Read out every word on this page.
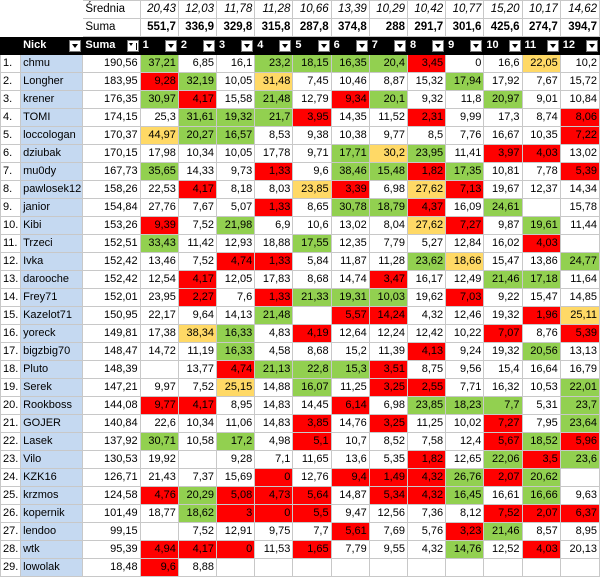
		Średnia	20,43	12,03	11,78	11,28	10,66	13,39	10,29	10,42	10,77	15,20	10,17	14,62
		Suma	551,7	336,9	329,8	315,8	287,8	374,8	288	291,7	301,6	425,6	274,7	394,7

	Nick	Suma	1	2	3	4	5	6	7	8	9	10	11	12

1.	chmu	190,56	37,21	6,85	16,1	23,2	18,15	16,35	20,4	3,45	0	16,6	22,05	10,2
2.	Longher	183,95	9,28	32,19	10,05	31,48	7,45	10,46	8,87	15,32	17,94	17,92	7,67	15,72
3.	krener	176,35	30,97	4,17	15,58	21,48	12,79	9,34	20,1	9,32	11,8	20,97	9,01	10,84
4.	TOMI	174,15	25,3	31,61	19,32	21,7	3,95	14,35	11,52	2,31	9,99	17,3	8,74	8,06
5.	loccologan	170,37	44,97	20,27	16,57	8,53	9,38	10,38	9,77	8,5	7,76	16,67	10,35	7,22
6.	dziubak	170,15	17,98	10,34	10,05	17,78	9,71	17,71	30,2	23,95	11,41	3,97	4,03	13,02
7.	mu0dy	167,73	35,65	14,33	9,73	1,33	9,6	38,46	15,48	1,82	17,35	10,81	7,78	5,39
8.	pawlosek12	158,26	22,53	4,17	8,18	8,03	23,85	3,39	6,98	27,62	7,13	19,67	12,37	14,34
9.	janior	154,84	27,76	7,67	5,07	1,33	8,65	30,78	18,79	4,37	16,09	24,61		15,78
10.	Kibi	153,26	9,39	7,52	21,98	6,9	10,6	13,02	8,04	27,62	7,27	9,87	19,61	11,44
11.	Trzeci	152,51	33,43	11,42	12,93	18,88	17,55	12,35	7,79	5,27	12,84	16,02	4,03	
12.	Ivka	152,42	13,46	7,52	4,74	1,33	5,84	11,87	11,28	23,62	18,66	15,47	13,86	24,77
13.	darooche	152,42	12,54	4,17	12,05	17,83	8,68	14,74	3,47	16,17	12,49	21,46	17,18	11,64
14.	Frey71	152,01	23,95	2,27	7,6	1,33	21,33	19,31	10,03	19,62	7,03	9,22	15,47	14,85
15.	Kazelot71	150,95	22,17	9,64	14,13	21,48		5,57	14,24	4,32	12,46	19,32	1,96	25,11
16.	yoreck	149,81	17,38	38,34	16,33	4,83	4,19	12,64	12,24	12,42	10,22	7,07	8,76	5,39
17.	bigzbig70	148,47	14,72	11,19	16,33	4,58	8,68	15,2	11,39	4,13	9,24	19,32	20,56	13,13
18.	Pluto	148,39		13,77	4,74	21,13	22,8	15,3	3,51	8,75	9,56	15,4	16,64	16,79
19.	Serek	147,21	9,97	7,52	25,15	14,88	16,07	11,25	3,25	2,55	7,71	16,32	10,53	22,01
20.	Rookboss	144,08	9,77	4,17	8,95	14,83	14,45	6,14	6,98	23,85	18,23	7,7	5,31	23,7
21.	GOJER	140,84	22,6	10,34	11,06	14,83	3,85	14,76	3,25	11,25	10,02	7,27	7,95	23,64
22.	Lasek	137,92	30,71	10,58	17,2	4,98	5,1	10,7	8,52	7,58	12,4	5,67	18,52	5,96
23.	Vilo	130,53	19,92		9,28	7,1	11,65	13,6	5,35	1,82	12,65	22,06	3,5	23,6
24.	KZK16	126,71	21,43	7,37	15,69	0	12,76	9,4	1,49	4,32	26,76	2,07	20,62	
25.	krzmos	124,58	4,76	20,29	5,08	4,73	5,64	14,87	5,34	4,32	16,45	16,61	16,66	9,63
26.	kopernik	101,49	18,77	18,62	3	0	5,5	9,47	12,56	7,36	8,12	7,52	2,07	6,37
27.	lendoo	99,15		7,52	12,91	9,75	7,7	5,61	7,69	5,76	3,23	21,46	8,57	8,95
28.	wtk	95,39	4,94	4,17	0	11,53	1,65	7,79	9,55	4,32	14,76	12,52	4,03	20,13
29.	lowolak	18,48	9,6	8,88										
